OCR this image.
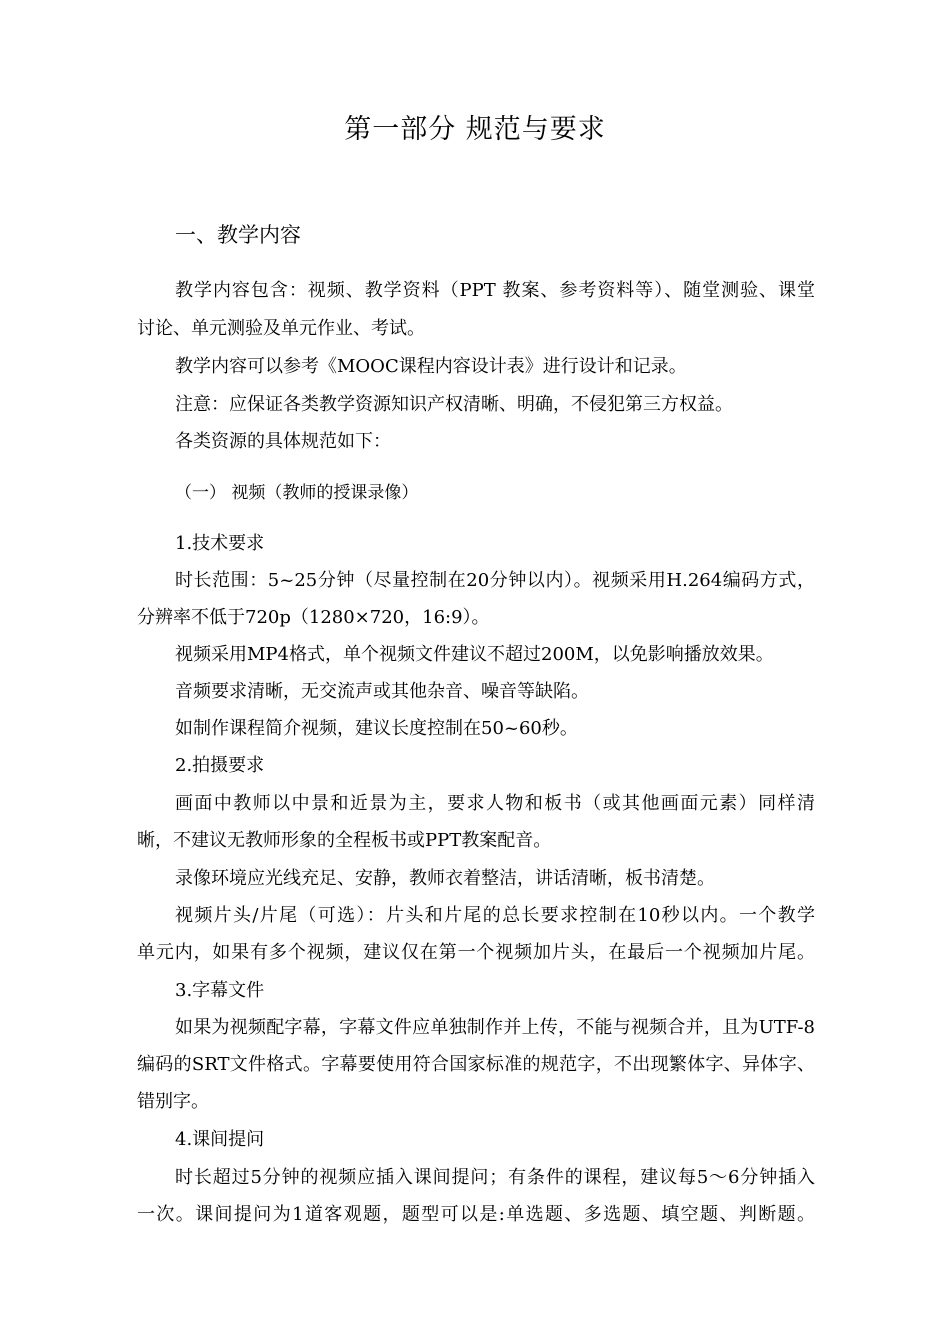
第一部分 规范与要求
一、教学内容
教学内容包含：视频、教学资料（PPT 教案、参考资料等）、随堂测验、课堂
讨论、单元测验及单元作业、考试。
教学内容可以参考《MOOC课程内容设计表》进行设计和记录。
注意：应保证各类教学资源知识产权清晰、明确，不侵犯第三方权益。
各类资源的具体规范如下：
（一） 视频（教师的授课录像）
1.技术要求
时长范围：5~25分钟（尽量控制在20分钟以内）。视频采用H.264编码方式，
分辨率不低于720p（1280×720，16:9）。
视频采用MP4格式，单个视频文件建议不超过200M，以免影响播放效果。
音频要求清晰，无交流声或其他杂音、噪音等缺陷。
如制作课程简介视频，建议长度控制在50~60秒。
2.拍摄要求
画面中教师以中景和近景为主，要求人物和板书（或其他画面元素）同样清
晰，不建议无教师形象的全程板书或PPT教案配音。
录像环境应光线充足、安静，教师衣着整洁，讲话清晰，板书清楚。
视频片头/片尾（可选）：片头和片尾的总长要求控制在10秒以内。一个教学
单元内，如果有多个视频，建议仅在第一个视频加片头，在最后一个视频加片尾。
3.字幕文件
如果为视频配字幕，字幕文件应单独制作并上传，不能与视频合并，且为UTF-8
编码的SRT文件格式。字幕要使用符合国家标准的规范字，不出现繁体字、异体字、
错别字。
4.课间提问
时长超过5分钟的视频应插入课间提问；有条件的课程，建议每5～6分钟插入
一次。课间提问为1道客观题，题型可以是:单选题、多选题、填空题、判断题。
